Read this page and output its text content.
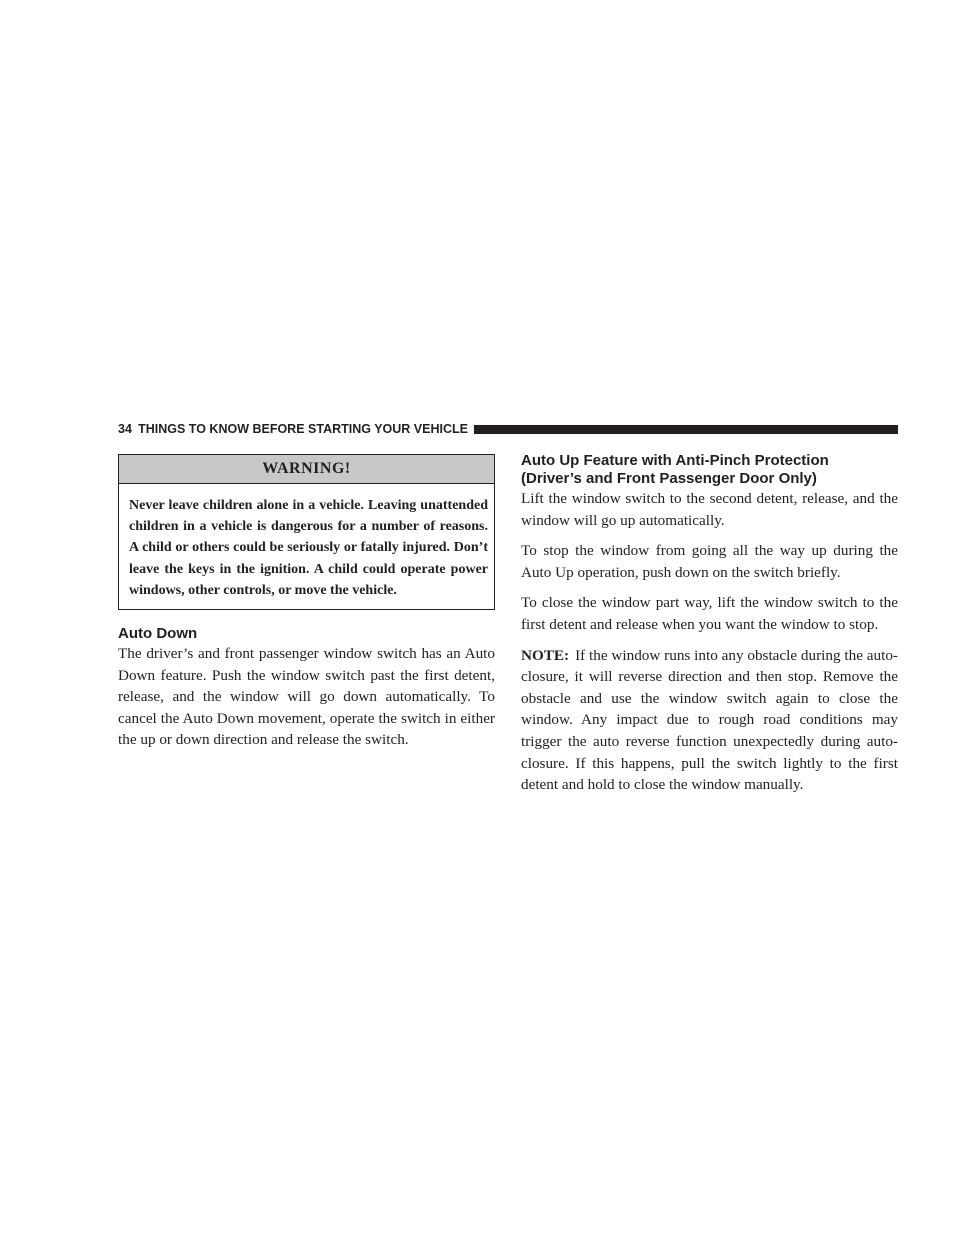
34 THINGS TO KNOW BEFORE STARTING YOUR VEHICLE
WARNING!
Never leave children alone in a vehicle. Leaving unattended children in a vehicle is dangerous for a number of reasons. A child or others could be seriously or fatally injured. Don’t leave the keys in the ignition. A child could operate power windows, other controls, or move the vehicle.
Auto Down

The driver’s and front passenger window switch has an Auto Down feature. Push the window switch past the first detent, release, and the window will go down automatically. To cancel the Auto Down movement, operate the switch in either the up or down direction and release the switch.

Auto Up Feature with Anti-Pinch Protection
(Driver’s and Front Passenger Door Only)

Lift the window switch to the second detent, release, and the window will go up automatically.

To stop the window from going all the way up during the Auto Up operation, push down on the switch briefly.

To close the window part way, lift the window switch to the first detent and release when you want the window to stop.

NOTE: If the window runs into any obstacle during the auto-closure, it will reverse direction and then stop. Remove the obstacle and use the window switch again to close the window. Any impact due to rough road conditions may trigger the auto reverse function unexpectedly during auto-closure. If this happens, pull the switch lightly to the first detent and hold to close the window manually.
